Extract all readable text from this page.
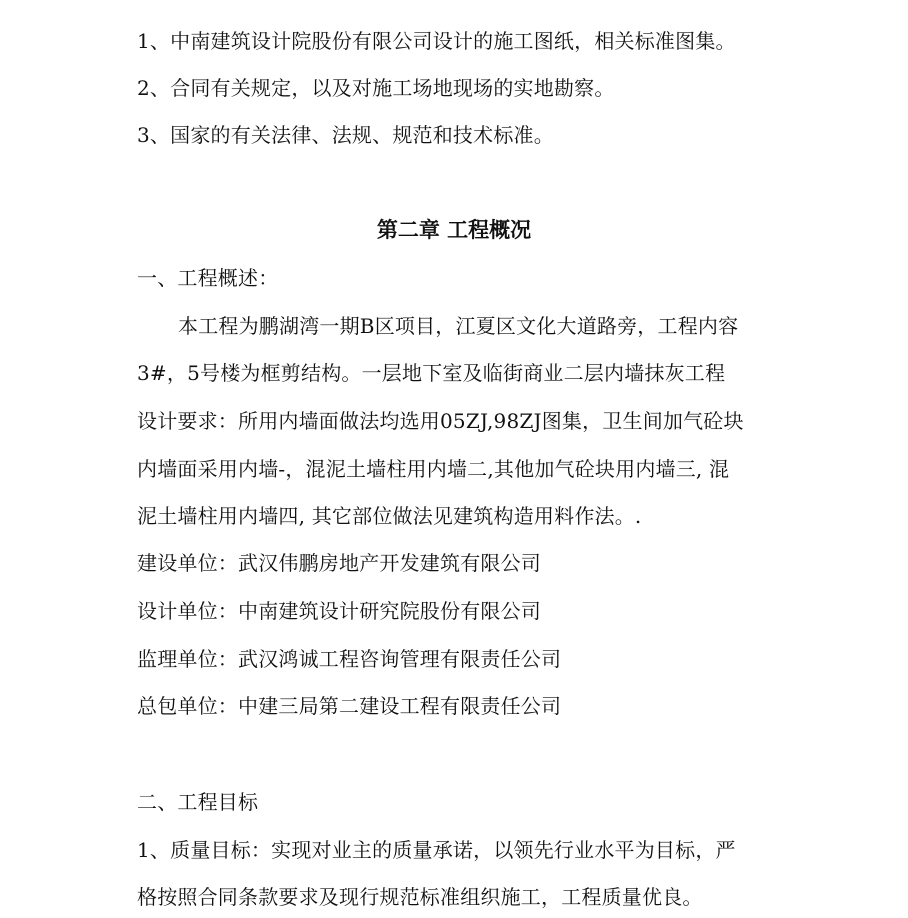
1、中南建筑设计院股份有限公司设计的施工图纸，相关标准图集。
2、合同有关规定，以及对施工场地现场的实地勘察。
3、国家的有关法律、法规、规范和技术标准。
第二章 工程概况
一、工程概述：
本工程为鹏湖湾一期B区项目，江夏区文化大道路旁，工程内容
3#，5号楼为框剪结构。一层地下室及临街商业二层内墙抹灰工程
设计要求：所用内墙面做法均选用05ZJ,98ZJ图集，卫生间加气砼块
内墙面采用内墙-，混泥土墙柱用内墙二,其他加气砼块用内墙三, 混
泥土墙柱用内墙四, 其它部位做法见建筑构造用料作法。.
建设单位：武汉伟鹏房地产开发建筑有限公司
设计单位：中南建筑设计研究院股份有限公司
监理单位：武汉鸿诚工程咨询管理有限责任公司
总包单位：中建三局第二建设工程有限责任公司
二、工程目标
1、质量目标：实现对业主的质量承诺，以领先行业水平为目标，严
格按照合同条款要求及现行规范标准组织施工，工程质量优良。
